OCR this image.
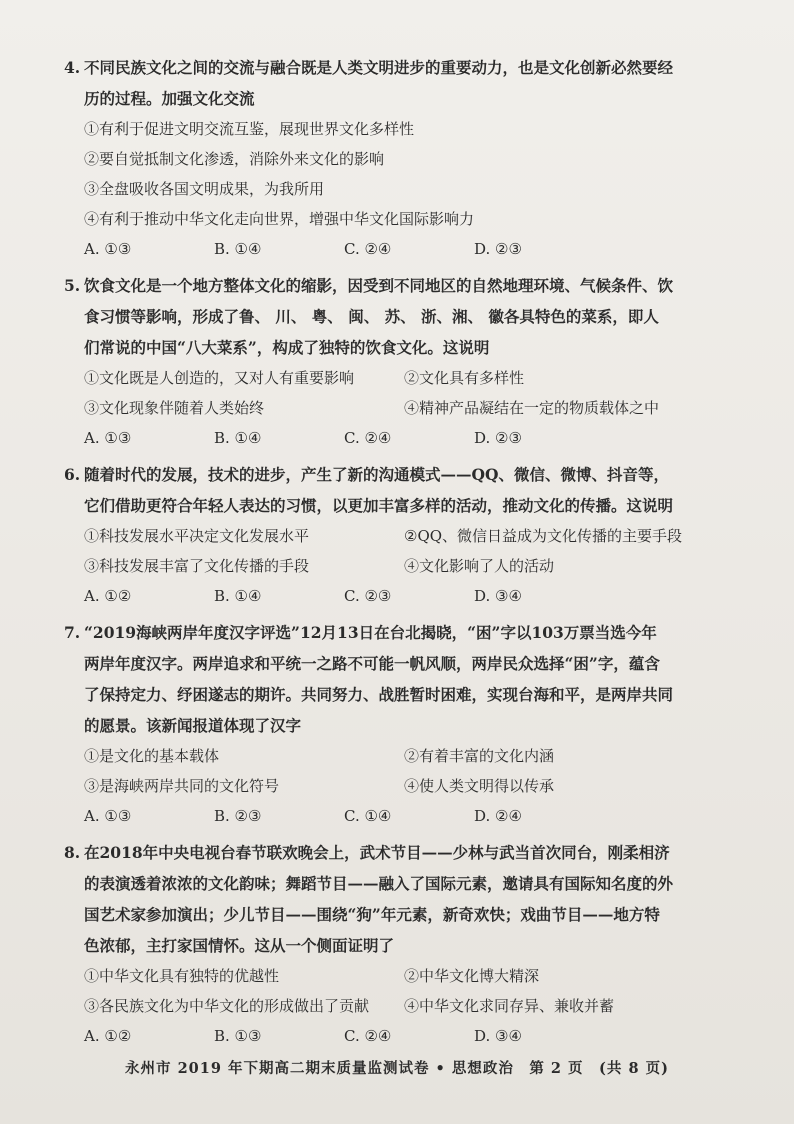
4. 不同民族文化之间的交流与融合既是人类文明进步的重要动力，也是文化创新必然要经
历的过程。加强文化交流
①有利于促进文明交流互鉴，展现世界文化多样性
②要自觉抵制文化渗透，消除外来文化的影响
③全盘吸收各国文明成果，为我所用
④有利于推动中华文化走向世界，增强中华文化国际影响力
A. ①③	B. ①④	C. ②④	D. ②③
5. 饮食文化是一个地方整体文化的缩影，因受到不同地区的自然地理环境、气候条件、饮
食习惯等影响，形成了鲁、 川、 粤、 闽、 苏、 浙、湘、 徽各具特色的菜系，即人
们常说的中国“八大菜系”，构成了独特的饮食文化。这说明
①文化既是人创造的，又对人有重要影响	②文化具有多样性
③文化现象伴随着人类始终	④精神产品凝结在一定的物质载体之中
A. ①③	B. ①④	C. ②④	D. ②③
6. 随着时代的发展，技术的进步，产生了新的沟通模式——QQ、微信、微博、抖音等，
它们借助更符合年轻人表达的习惯，以更加丰富多样的活动，推动文化的传播。这说明
①科技发展水平决定文化发展水平	②QQ、微信日益成为文化传播的主要手段
③科技发展丰富了文化传播的手段	④文化影响了人的活动
A. ①②	B. ①④	C. ②③	D. ③④
7. “2019海峡两岸年度汉字评选”12月13日在台北揭晓，“困”字以103万票当选今年
两岸年度汉字。两岸追求和平统一之路不可能一帆风顺，两岸民众选择“困”字，蕴含
了保持定力、纾困遂志的期许。共同努力、战胜暂时困难，实现台海和平，是两岸共同
的愿景。该新闻报道体现了汉字
①是文化的基本载体	②有着丰富的文化内涵
③是海峡两岸共同的文化符号	④使人类文明得以传承
A. ①③	B. ②③	C. ①④	D. ②④
8. 在2018年中央电视台春节联欢晚会上，武术节目——少林与武当首次同台，刚柔相济
的表演透着浓浓的文化韵味；舞蹈节目——融入了国际元素，邀请具有国际知名度的外
国艺术家参加演出；少儿节目——围绕“狗”年元素，新奇欢快；戏曲节目——地方特
色浓郁，主打家国情怀。这从一个侧面证明了
①中华文化具有独特的优越性	②中华文化博大精深
③各民族文化为中华文化的形成做出了贡献	④中华文化求同存异、兼收并蓄
A. ①②	B. ①③	C. ②④	D. ③④
永州市 2019 年下期高二期末质量监测试卷 • 思想政治　第 2 页　(共 8 页)
